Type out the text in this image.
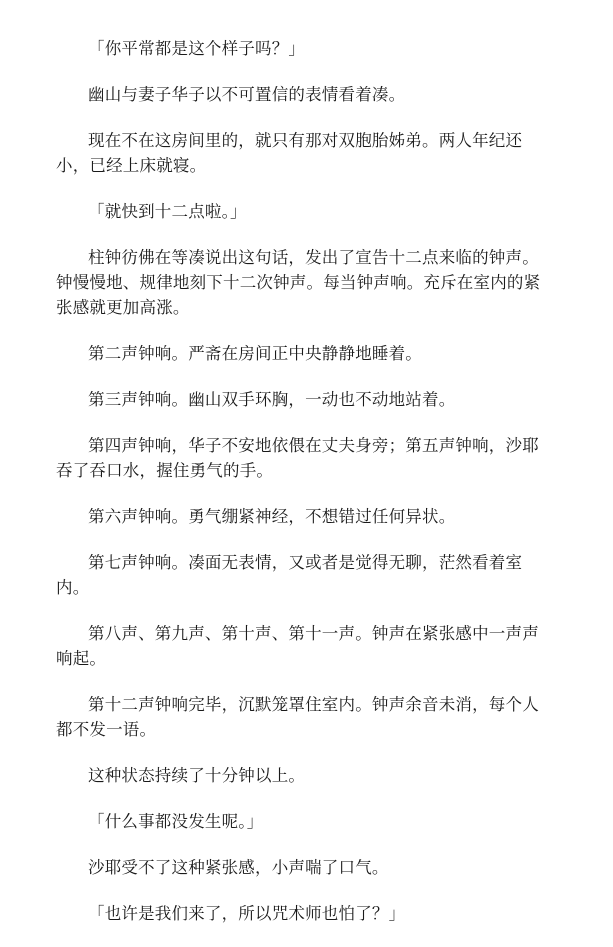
「你平常都是这个样子吗？」

幽山与妻子华子以不可置信的表情看着凑。

现在不在这房间里的，就只有那对双胞胎姊弟。两人年纪还小，已经上床就寝。

「就快到十二点啦。」

柱钟彷佛在等凑说出这句话，发出了宣告十二点来临的钟声。钟慢慢地、规律地刻下十二次钟声。每当钟声响。充斥在室内的紧张感就更加高涨。

第二声钟响。严斋在房间正中央静静地睡着。

第三声钟响。幽山双手环胸，一动也不动地站着。

第四声钟响，华子不安地依偎在丈夫身旁；第五声钟响，沙耶吞了吞口水，握住勇气的手。

第六声钟响。勇气绷紧神经，不想错过任何异状。

第七声钟响。凑面无表情，又或者是觉得无聊，茫然看着室内。

第八声、第九声、第十声、第十一声。钟声在紧张感中一声声响起。

第十二声钟响完毕，沉默笼罩住室内。钟声余音未消，每个人都不发一语。

这种状态持续了十分钟以上。

「什么事都没发生呢。」

沙耶受不了这种紧张感，小声喘了口气。

「也许是我们来了，所以咒术师也怕了？」
